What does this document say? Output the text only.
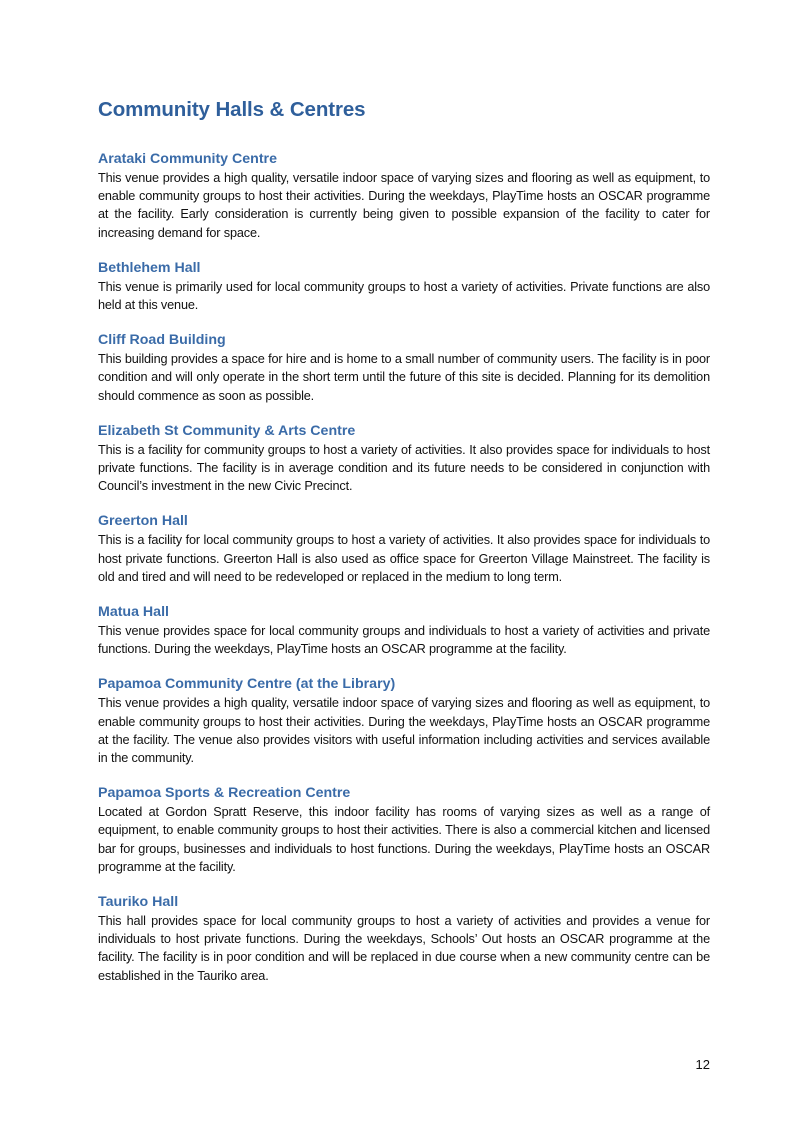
Community Halls & Centres
Arataki Community Centre

This venue provides a high quality, versatile indoor space of varying sizes and flooring as well as equipment, to enable community groups to host their activities. During the weekdays, PlayTime hosts an OSCAR programme at the facility. Early consideration is currently being given to possible expansion of the facility to cater for increasing demand for space.

Bethlehem Hall

This venue is primarily used for local community groups to host a variety of activities. Private functions are also held at this venue.

Cliff Road Building

This building provides a space for hire and is home to a small number of community users. The facility is in poor condition and will only operate in the short term until the future of this site is decided. Planning for its demolition should commence as soon as possible.

Elizabeth St Community & Arts Centre

This is a facility for community groups to host a variety of activities. It also provides space for individuals to host private functions. The facility is in average condition and its future needs to be considered in conjunction with Council’s investment in the new Civic Precinct.

Greerton Hall

This is a facility for local community groups to host a variety of activities. It also provides space for individuals to host private functions. Greerton Hall is also used as office space for Greerton Village Mainstreet. The facility is old and tired and will need to be redeveloped or replaced in the medium to long term.

Matua Hall

This venue provides space for local community groups and individuals to host a variety of activities and private functions. During the weekdays, PlayTime hosts an OSCAR programme at the facility.

Papamoa Community Centre (at the Library)

This venue provides a high quality, versatile indoor space of varying sizes and flooring as well as equipment, to enable community groups to host their activities. During the weekdays, PlayTime hosts an OSCAR programme at the facility. The venue also provides visitors with useful information including activities and services available in the community.

Papamoa Sports & Recreation Centre

Located at Gordon Spratt Reserve, this indoor facility has rooms of varying sizes as well as a range of equipment, to enable community groups to host their activities. There is also a commercial kitchen and licensed bar for groups, businesses and individuals to host functions. During the weekdays, PlayTime hosts an OSCAR programme at the facility.

Tauriko Hall

This hall provides space for local community groups to host a variety of activities and provides a venue for individuals to host private functions. During the weekdays, Schools’ Out hosts an OSCAR programme at the facility. The facility is in poor condition and will be replaced in due course when a new community centre can be established in the Tauriko area.

12
